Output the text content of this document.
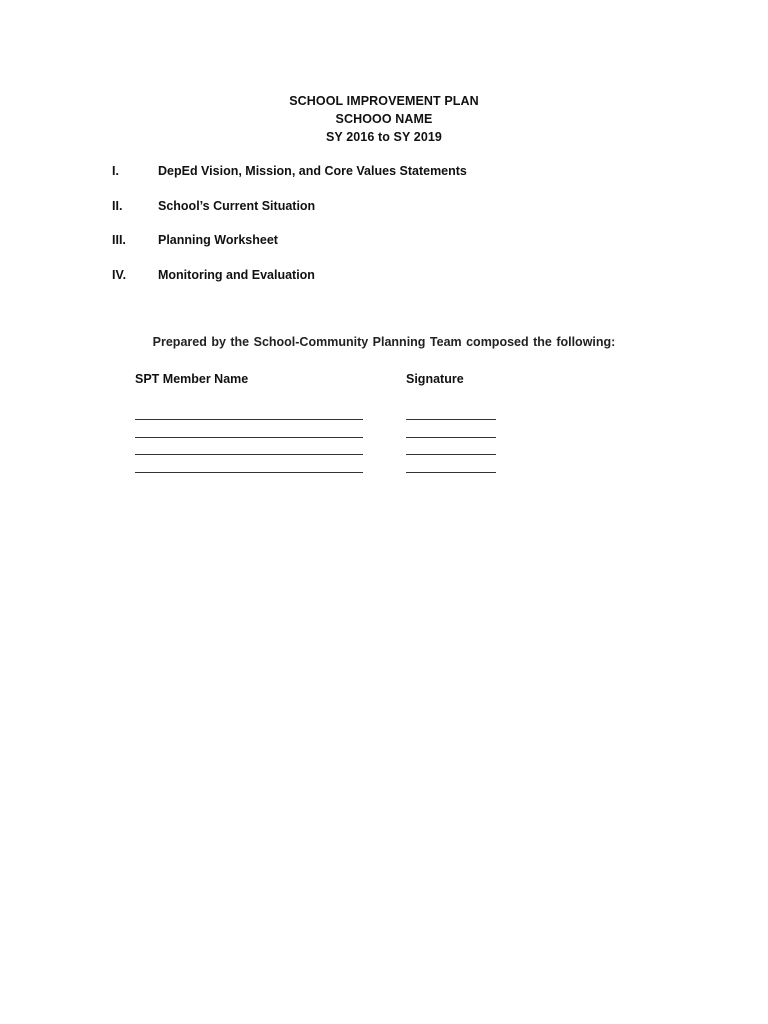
SCHOOL IMPROVEMENT PLAN
SCHOOO NAME
SY 2016 to SY 2019
I.	DepEd Vision, Mission, and Core Values Statements
II.	School’s Current Situation
III.	Planning Worksheet
IV.	Monitoring and Evaluation
Prepared by the School-Community Planning Team composed the following:
SPT Member Name	Signature
